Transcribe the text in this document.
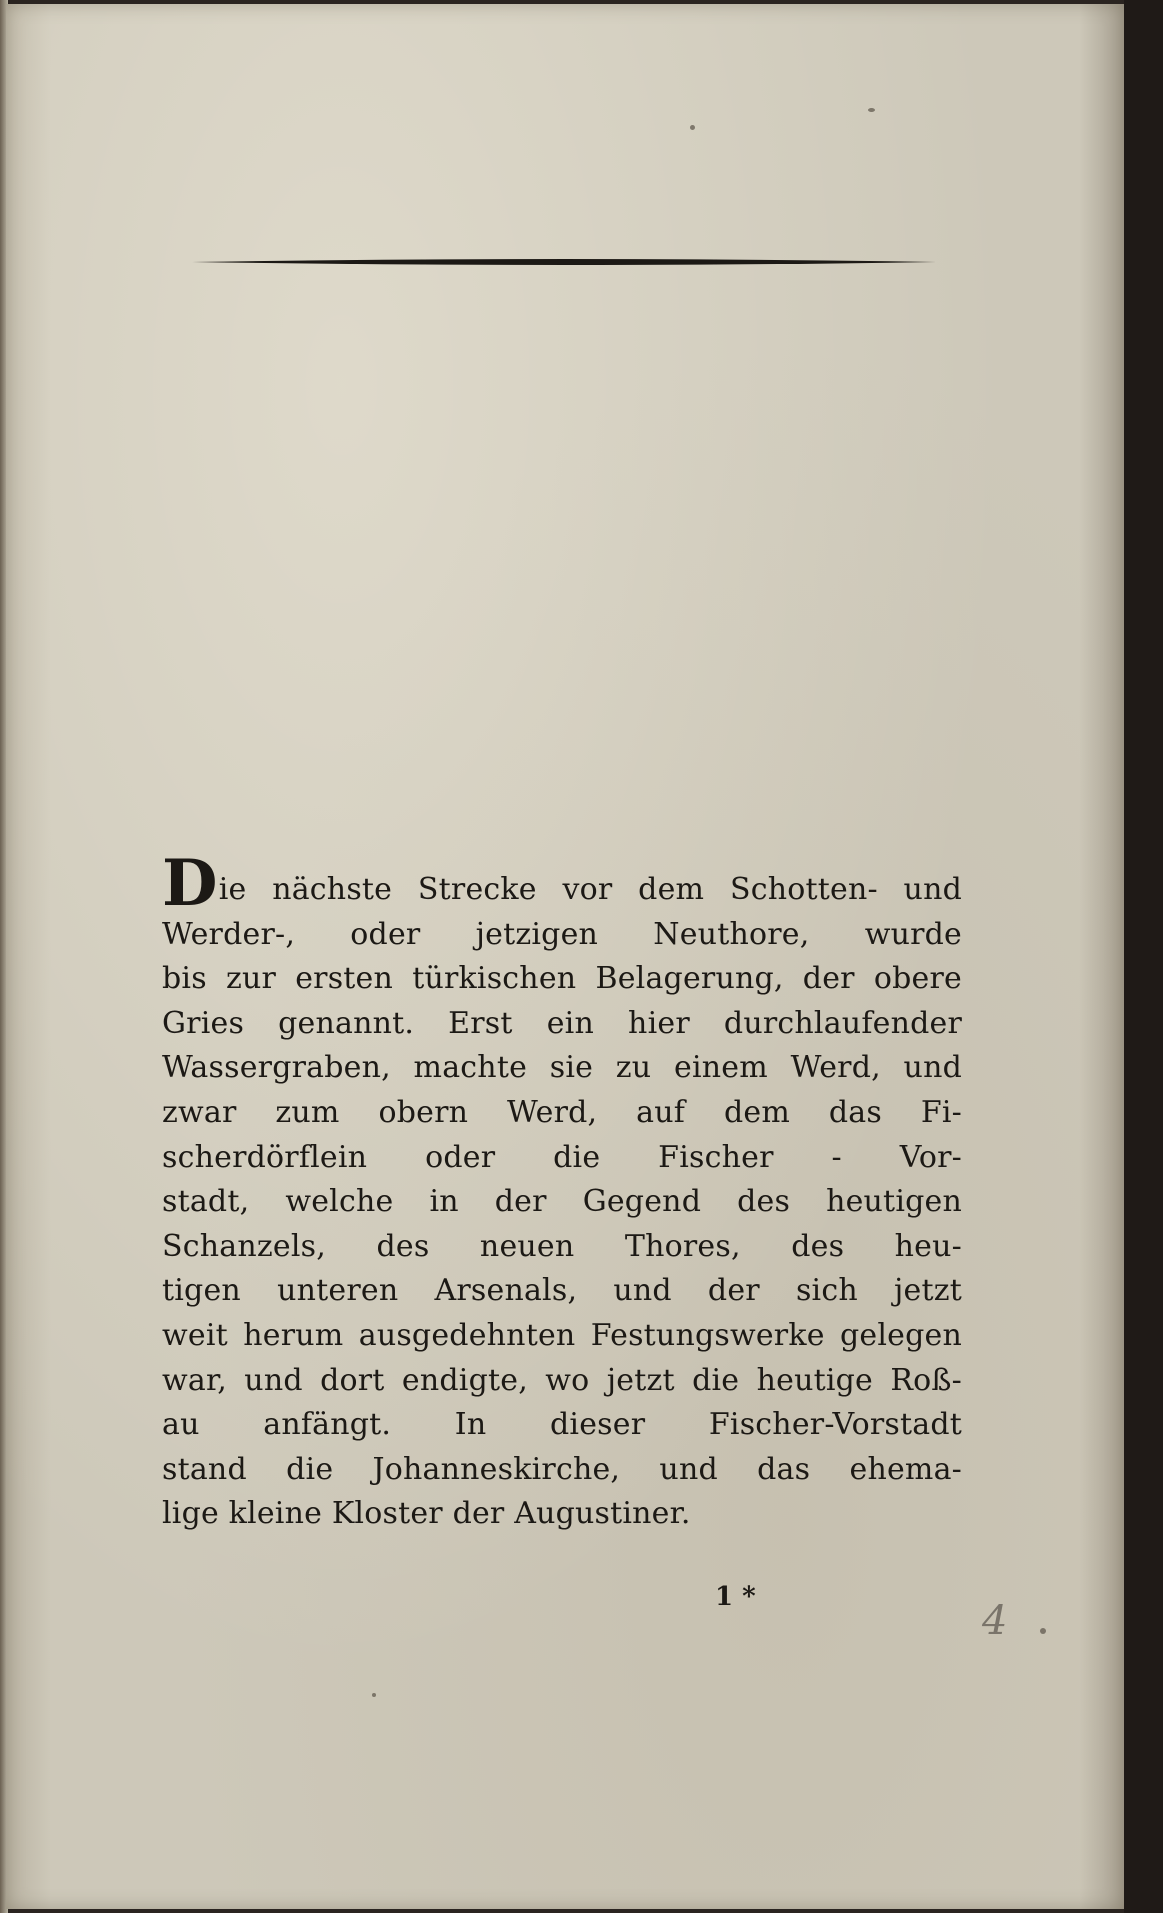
Die nächste Strecke vor dem Schotten- und
Werder-, oder jetzigen Neuthore, wurde
bis zur ersten türkischen Belagerung, der obere
Gries genannt. Erst ein hier durchlaufender
Wassergraben, machte sie zu einem Werd, und
zwar zum obern Werd, auf dem das Fi-
scherdörflein oder die Fischer - Vor-
stadt, welche in der Gegend des heutigen
Schanzels, des neuen Thores, des heu-
tigen unteren Arsenals, und der sich jetzt
weit herum ausgedehnten Festungswerke gelegen
war, und dort endigte, wo jetzt die heutige Roß-
au anfängt. In dieser Fischer-Vorstadt
stand die Johanneskirche, und das ehema-
lige kleine Kloster der Augustiner.
1 *
4
